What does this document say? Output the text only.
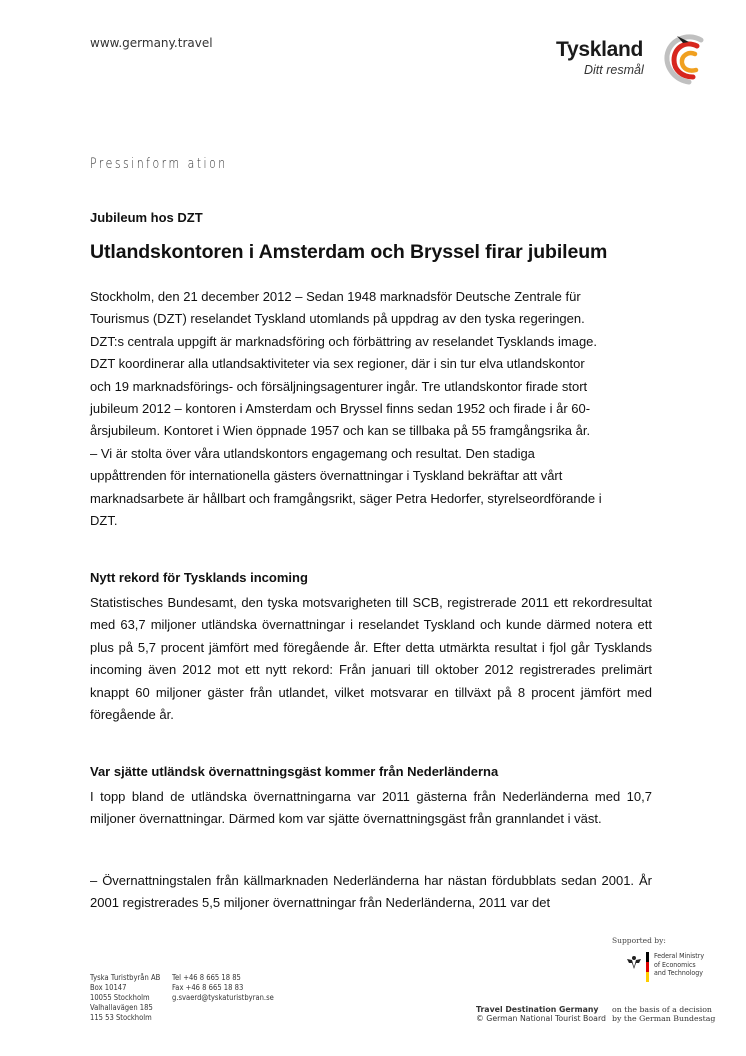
www.germany.travel	Tyskland
Ditt resmål
Pressinform ation
Jubileum hos DZT
Utlandskontoren i Amsterdam och Bryssel firar jubileum
Stockholm, den 21 december 2012 – Sedan 1948 marknadsför Deutsche Zentrale für
Tourismus (DZT) reselandet Tyskland utomlands på uppdrag av den tyska regeringen.
DZT:s centrala uppgift är marknadsföring och förbättring av reselandet Tysklands image.
DZT koordinerar alla utlandsaktiviteter via sex regioner, där i sin tur elva utlandskontor
och 19 marknadsförings- och försäljningsagenturer ingår. Tre utlandskontor firade stort
jubileum 2012 – kontoren i Amsterdam och Bryssel finns sedan 1952 och firade i år 60-
årsjubileum. Kontoret i Wien öppnade 1957 och kan se tillbaka på 55 framgångsrika år.
– Vi är stolta över våra utlandskontors engagemang och resultat. Den stadiga
uppåttrenden för internationella gästers övernattningar i Tyskland bekräftar att vårt
marknadsarbete är hållbart och framgångsrikt, säger Petra Hedorfer, styrelseordförande i
DZT.
Nytt rekord för Tysklands incoming
Statistisches Bundesamt, den tyska motsvarigheten till SCB, registrerade 2011 ett rekordresultat med 63,7 miljoner utländska övernattningar i reselandet Tyskland och kunde därmed notera ett plus på 5,7 procent jämfört med föregående år. Efter detta utmärkta resultat i fjol går Tysklands incoming även 2012 mot ett nytt rekord: Från januari till oktober 2012 registrerades prelimärt knappt 60 miljoner gäster från utlandet, vilket motsvarar en tillväxt på 8 procent jämfört med föregående år.
Var sjätte utländsk övernattningsgäst kommer från Nederländerna
I topp bland de utländska övernattningarna var 2011 gästerna från Nederländerna med 10,7 miljoner övernattningar. Därmed kom var sjätte övernattningsgäst från grannlandet i väst.
– Övernattningstalen från källmarknaden Nederländerna har nästan fördubblats sedan 2001. År 2001 registrerades 5,5 miljoner övernattningar från Nederländerna, 2011 var det
Tyska Turistbyrån AB
Box 10147
10055 Stockholm
Valhallavägen 185
115 53 Stockholm
Tel +46 8 665 18 85
Fax +46 8 665 18 83
g.svaerd@tyskaturistbyran.se
Supported by:
Federal Ministry
of Economics
and Technology
Travel Destination Germany
© German National Tourist Board
on the basis of a decision
by the German Bundestag
